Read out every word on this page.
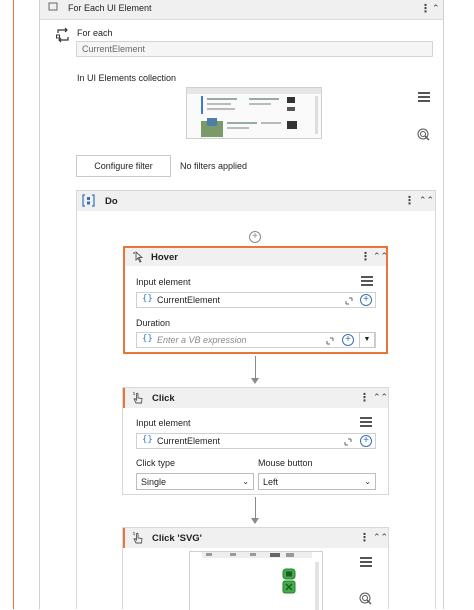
For Each UI Element	⋮ ⌃
For each
CurrentElement
In UI Elements collection
Configure filter	No filters applied
Do	⋮ ⌃⌃
+
Hover	⋮ ⌃⌃
Input element
{} CurrentElement	+
Duration
{} Enter a VB expression	+	▼
Click	⋮ ⌃⌃
Input element
{} CurrentElement	+
Click type	Mouse button
Single	⌄	Left	⌄
Click 'SVG'	⋮ ⌃⌃
